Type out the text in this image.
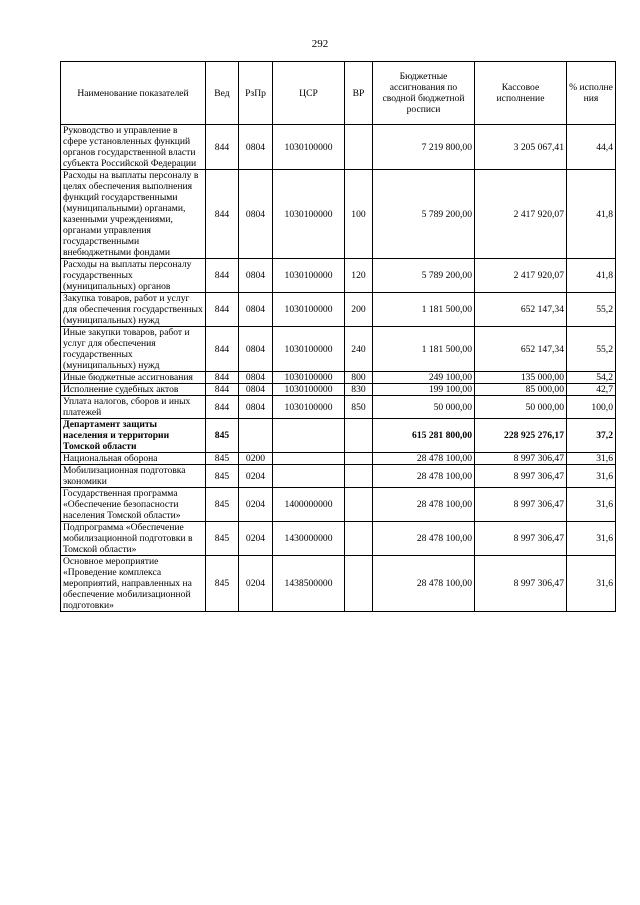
292
Наименование показателей	Вед	РзПр	ЦСР	ВР	Бюджетные ассигнования по сводной бюджетной росписи	Кассовое исполнение	% исполне ния
Руководство и управление в сфере установленных функций органов государственной власти субъекта Российской Федерации	844	0804	1030100000		7 219 800,00	3 205 067,41	44,4
Расходы на выплаты персоналу в целях обеспечения выполнения функций государственными (муниципальными) органами, казенными учреждениями, органами управления государственными внебюджетными фондами	844	0804	1030100000	100	5 789 200,00	2 417 920,07	41,8
Расходы на выплаты персоналу государственных (муниципальных) органов	844	0804	1030100000	120	5 789 200,00	2 417 920,07	41,8
Закупка товаров, работ и услуг для обеспечения государственных (муниципальных) нужд	844	0804	1030100000	200	1 181 500,00	652 147,34	55,2
Иные закупки товаров, работ и услуг для обеспечения государственных (муниципальных) нужд	844	0804	1030100000	240	1 181 500,00	652 147,34	55,2
Иные бюджетные ассигнования	844	0804	1030100000	800	249 100,00	135 000,00	54,2
Исполнение судебных актов	844	0804	1030100000	830	199 100,00	85 000,00	42,7
Уплата налогов, сборов и иных платежей	844	0804	1030100000	850	50 000,00	50 000,00	100,0
Департамент защиты населения и территории Томской области	845				615 281 800,00	228 925 276,17	37,2
Национальная оборона	845	0200			28 478 100,00	8 997 306,47	31,6
Мобилизационная подготовка экономики	845	0204			28 478 100,00	8 997 306,47	31,6
Государственная программа «Обеспечение безопасности населения Томской области»	845	0204	1400000000		28 478 100,00	8 997 306,47	31,6
Подпрограмма «Обеспечение мобилизационной подготовки в Томской области»	845	0204	1430000000		28 478 100,00	8 997 306,47	31,6
Основное мероприятие «Проведение комплекса мероприятий, направленных на обеспечение мобилизационной подготовки»	845	0204	1438500000		28 478 100,00	8 997 306,47	31,6
